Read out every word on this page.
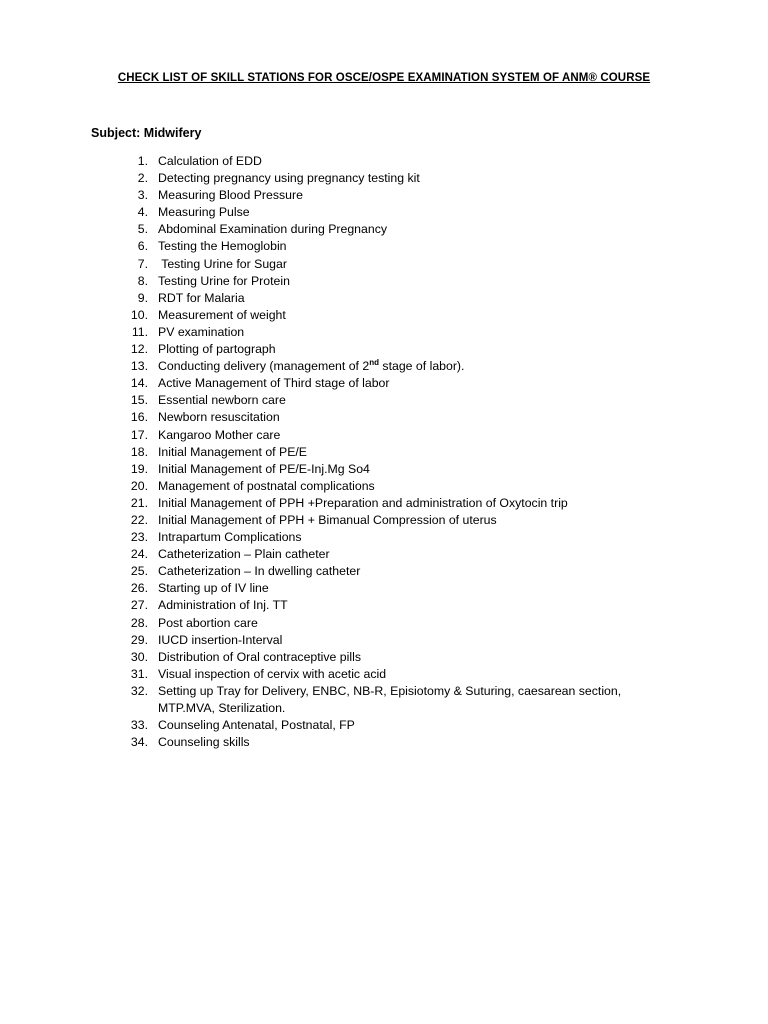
CHECK LIST OF SKILL STATIONS FOR OSCE/OSPE EXAMINATION SYSTEM OF ANM® COURSE
Subject: Midwifery
1. Calculation of EDD
2. Detecting pregnancy using pregnancy testing kit
3. Measuring Blood Pressure
4. Measuring Pulse
5. Abdominal Examination during Pregnancy
6. Testing the Hemoglobin
7. Testing Urine for Sugar
8. Testing Urine for Protein
9. RDT for Malaria
10. Measurement of weight
11. PV examination
12. Plotting of partograph
13. Conducting delivery (management of 2nd stage of labor).
14. Active Management of Third stage of labor
15. Essential newborn care
16. Newborn resuscitation
17. Kangaroo Mother care
18. Initial Management of PE/E
19. Initial Management of PE/E-Inj.Mg So4
20. Management of postnatal complications
21. Initial Management of PPH +Preparation and administration of Oxytocin trip
22. Initial Management of PPH + Bimanual Compression of uterus
23. Intrapartum Complications
24. Catheterization – Plain catheter
25. Catheterization – In dwelling catheter
26. Starting up of IV line
27. Administration of Inj. TT
28. Post abortion care
29. IUCD insertion-Interval
30. Distribution of Oral contraceptive pills
31. Visual inspection of cervix with acetic acid
32. Setting up Tray for Delivery, ENBC, NB-R, Episiotomy & Suturing, caesarean section,
MTP.MVA, Sterilization.
33. Counseling Antenatal, Postnatal, FP
34. Counseling skills
